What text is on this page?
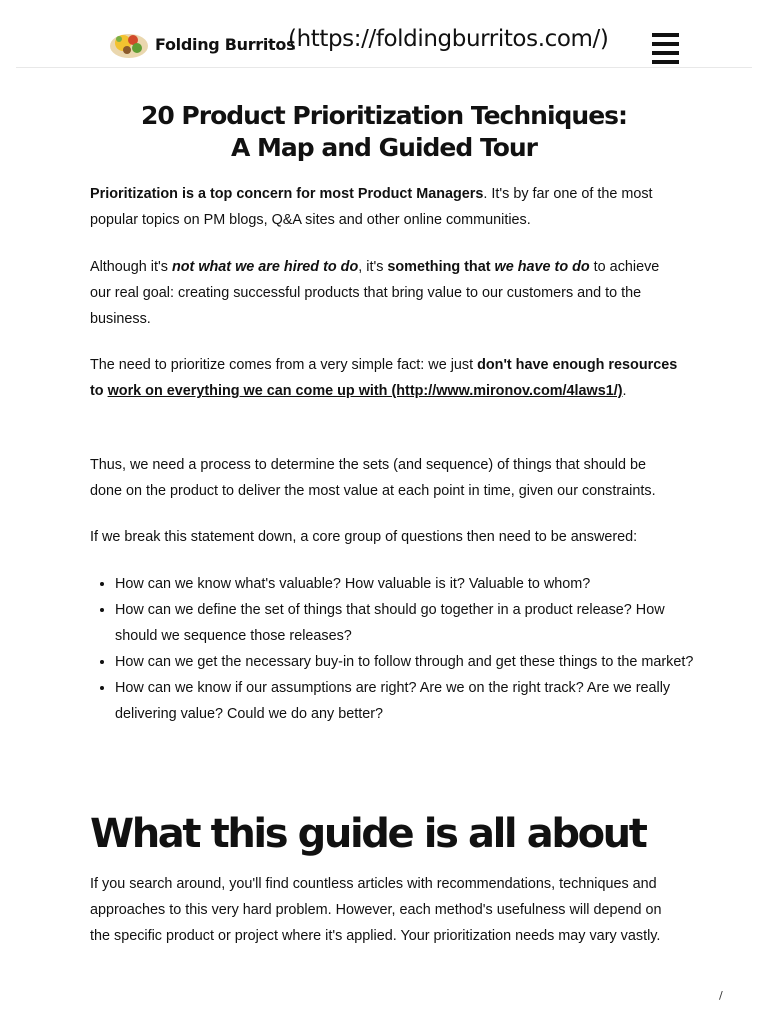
Folding Burritos
(https://foldingburritos.com/)
20 Product Prioritization Techniques:
A Map and Guided Tour

Prioritization is a top concern for most Product Managers. It's by far one of the most popular topics on PM blogs, Q&A sites and other online communities.

Although it's not what we are hired to do, it's something that we have to do to achieve our real goal: creating successful products that bring value to our customers and to the business.

The need to prioritize comes from a very simple fact: we just don't have enough resources to work on everything we can come up with (http://www.mironov.com/4laws1/).

Thus, we need a process to determine the sets (and sequence) of things that should be done on the product to deliver the most value at each point in time, given our constraints.

If we break this statement down, a core group of questions then need to be answered:

• How can we know what's valuable? How valuable is it? Valuable to whom?
• How can we define the set of things that should go together in a product release? How should we sequence those releases?
• How can we get the necessary buy-in to follow through and get these things to the market?
• How can we know if our assumptions are right? Are we on the right track? Are we really delivering value? Could we do any better?
What this guide is all about

If you search around, you'll find countless articles with recommendations, techniques and approaches to this very hard problem. However, each method's usefulness will depend on the specific product or project where it's applied. Your prioritization needs may vary vastly.

/
